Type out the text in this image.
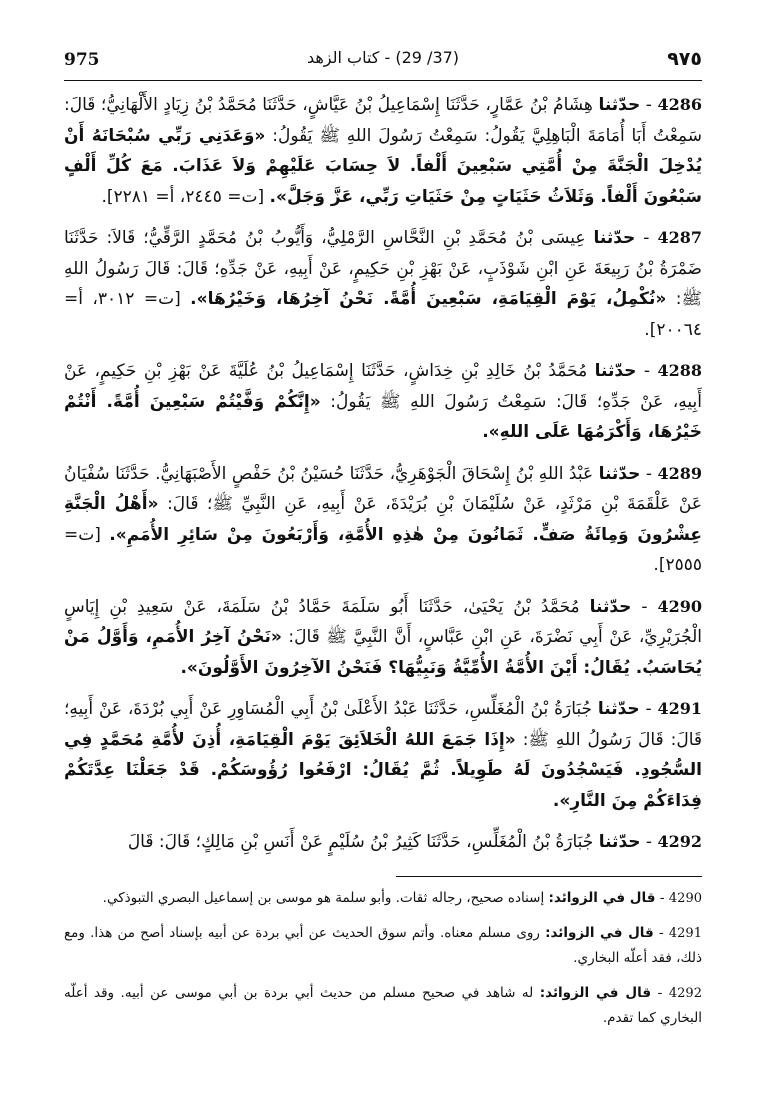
975	(37/ 29) - كتاب الزهد	٩٧٥

4286 - حدّثنا هِشَامُ بْنُ عَمَّارٍ، حَدَّثَنَا إِسْمَاعِيلُ بْنُ عَيَّاشٍ، حَدَّثَنَا مُحَمَّدُ بْنُ زِيَادٍ الأَلْهَانِيُّ؛ قَالَ: سَمِعْتُ أَبَا أُمَامَةَ الْبَاهِلِيَّ يَقُولُ: سَمِعْتُ رَسُولَ اللهِ ﷺ يَقُولُ: «وَعَدَنِي رَبِّي سُبْحَانَهُ أَنْ يُدْخِلَ الْجَنَّةَ مِنْ أُمَّتِي سَبْعِينَ أَلْفاً. لاَ حِسَابَ عَلَيْهِمْ وَلاَ عَذَابَ. مَعَ كُلِّ أَلْفٍ سَبْعُونَ أَلْفاً. وَثَلاَثُ حَثَيَاتٍ مِنْ حَثَيَاتِ رَبِّي، عَزَّ وَجَلَّ». [ت= ٢٤٤٥، أ= ٢٢٨١].

4287 - حدّثنا عِيسَى بْنُ مُحَمَّدِ بْنِ النَّحَّاسِ الرَّمْلِيُّ، وَأَيُّوبُ بْنُ مُحَمَّدٍ الرَّقِّيُّ؛ قَالاَ: حَدَّثَنَا ضَمْرَةُ بْنُ رَبِيعَةَ عَنِ ابْنِ شَوْذَبٍ، عَنْ بَهْزِ بْنِ حَكِيمٍ، عَنْ أَبِيهِ، عَنْ جَدِّهِ؛ قَالَ: قَالَ رَسُولُ اللهِ ﷺ: «نُكْمِلُ، يَوْمَ الْقِيَامَةِ، سَبْعِينَ أُمَّةً. نَحْنُ آخِرُهَا، وَخَيْرُهَا». [ت= ٣٠١٢، أ= ٢٠٠٦٤].

4288 - حدّثنا مُحَمَّدُ بْنُ خَالِدِ بْنِ خِدَاشٍ، حَدَّثَنَا إِسْمَاعِيلُ بْنُ عُلَيَّةَ عَنْ بَهْزِ بْنِ حَكِيمٍ، عَنْ أَبِيهِ، عَنْ جَدِّهِ؛ قَالَ: سَمِعْتُ رَسُولَ اللهِ ﷺ يَقُولُ: «إِنَّكُمْ وَفَّيْتُمْ سَبْعِينَ أُمَّةً. أَنْتُمْ خَيْرُهَا، وَأَكْرَمُهَا عَلَى اللهِ».

4289 - حدّثنا عَبْدُ اللهِ بْنُ إِسْحَاقَ الْجَوْهَرِيُّ، حَدَّثَنَا حُسَيْنُ بْنُ حَفْصٍ الأَصْبَهَانِيُّ. حَدَّثَنَا سُفْيَانُ عَنْ عَلْقَمَةَ بْنِ مَرْثَدٍ، عَنْ سُلَيْمَانَ بْنِ بُرَيْدَةَ، عَنْ أَبِيهِ، عَنِ النَّبِيِّ ﷺ؛ قَالَ: «أَهْلُ الْجَنَّةِ عِشْرُونَ وَمِائَةُ صَفٍّ. ثَمَانُونَ مِنْ هٰذِهِ الأُمَّةِ، وَأَرْبَعُونَ مِنْ سَائِرِ الأُمَمِ». [ت= ٢٥٥٥].

4290 - حدّثنا مُحَمَّدُ بْنُ يَحْيَىٰ، حَدَّثَنَا أَبُو سَلَمَةَ حَمَّادُ بْنُ سَلَمَةَ، عَنْ سَعِيدِ بْنِ إِيَاسٍ الْجُرَيْرِيِّ، عَنْ أَبِي نَضْرَةَ، عَنِ ابْنِ عَبَّاسٍ، أَنَّ النَّبِيَّ ﷺ قَالَ: «نَحْنُ آخِرُ الأُمَمِ، وَأَوَّلُ مَنْ يُحَاسَبُ. يُقَالُ: أَيْنَ الأُمَّةُ الأُمِّيَّةُ وَنَبِيُّهَا؟ فَنَحْنُ الآخِرُونَ الأَوَّلُونَ».

4291 - حدّثنا جُبَارَةُ بْنُ الْمُغَلِّسِ، حَدَّثَنَا عَبْدُ الأَعْلَىٰ بْنُ أَبِي الْمُسَاوِرِ عَنْ أَبِي بُرْدَةَ، عَنْ أَبِيهِ؛ قَالَ: قَالَ رَسُولُ اللهِ ﷺ: «إِذَا جَمَعَ اللهُ الْخَلاَئِقَ يَوْمَ الْقِيَامَةِ، أُذِنَ لأُمَّةِ مُحَمَّدٍ فِي السُّجُودِ. فَيَسْجُدُونَ لَهُ طَوِيلاً. ثُمَّ يُقَالُ: ارْفَعُوا رُؤُوسَكُمْ. قَدْ جَعَلْنَا عِدَّتَكُمْ فِدَاءَكُمْ مِنَ النَّارِ».

4292 - حدّثنا جُبَارَةُ بْنُ الْمُغَلِّسِ، حَدَّثَنَا كَثِيرُ بْنُ سُلَيْمٍ عَنْ أَنَسِ بْنِ مَالِكٍ؛ قَالَ: قَالَ

4290 - قال في الزوائد: إسناده صحيح، رجاله ثقات. وأبو سلمة هو موسى بن إسماعيل البصري التبوذكي.

4291 - قال في الزوائد: روى مسلم معناه. وأتم سوق الحديث عن أبي بردة عن أبيه بإسناد أصح من هذا. ومع ذلك، فقد أعلّه البخاري.

4292 - قال في الزوائد: له شاهد في صحيح مسلم من حديث أبي بردة بن أبي موسى عن أبيه. وقد أعلّه البخاري كما تقدم.
